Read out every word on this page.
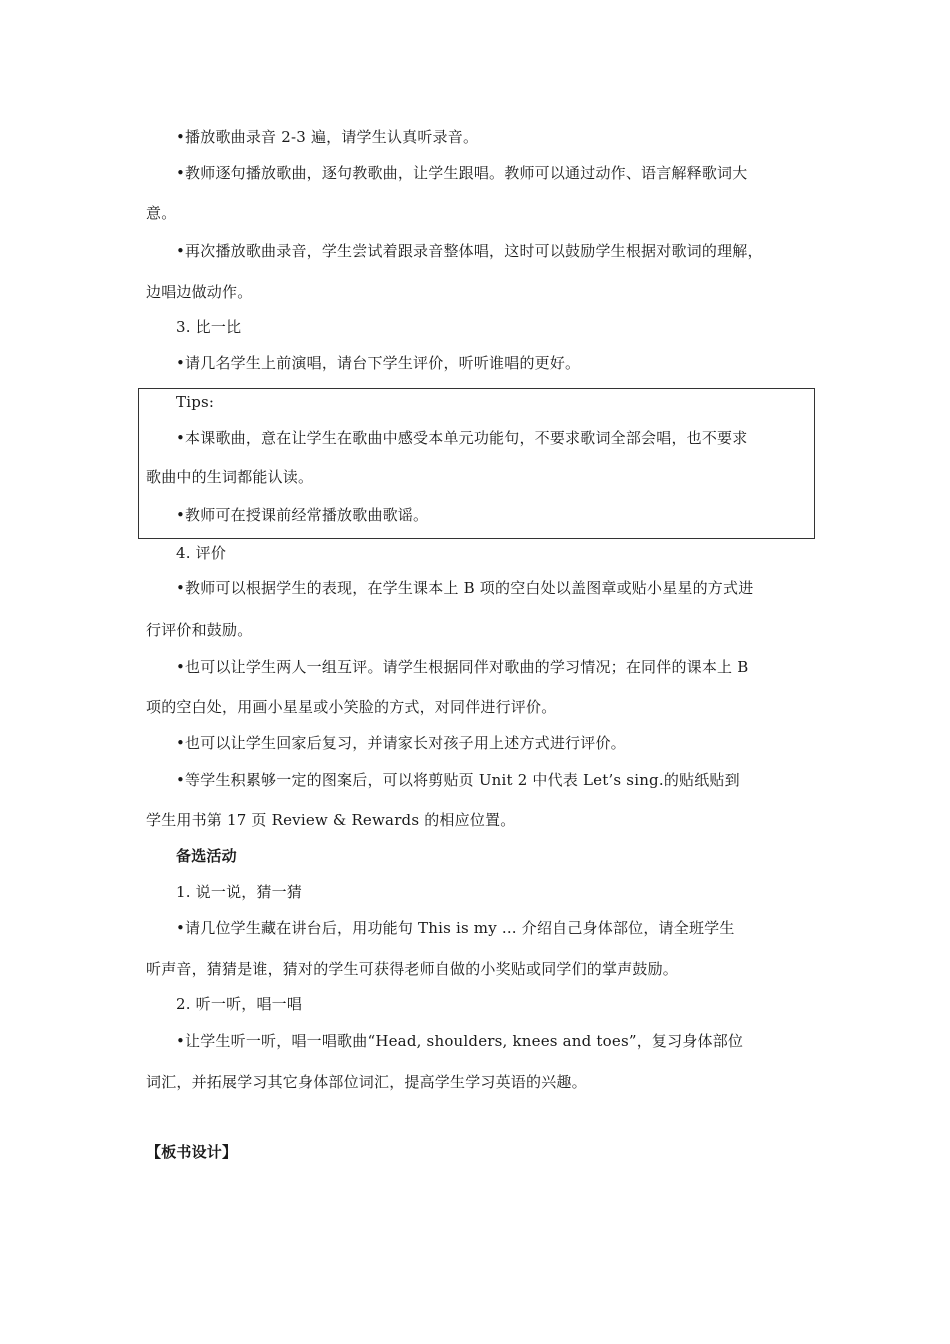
•播放歌曲录音 2-3 遍，请学生认真听录音。
•教师逐句播放歌曲，逐句教歌曲，让学生跟唱。教师可以通过动作、语言解释歌词大
意。
•再次播放歌曲录音，学生尝试着跟录音整体唱，这时可以鼓励学生根据对歌词的理解，
边唱边做动作。
3. 比一比
•请几名学生上前演唱，请台下学生评价，听听谁唱的更好。
Tips:
•本课歌曲，意在让学生在歌曲中感受本单元功能句，不要求歌词全部会唱，也不要求
歌曲中的生词都能认读。
•教师可在授课前经常播放歌曲歌谣。
4. 评价
•教师可以根据学生的表现，在学生课本上 B 项的空白处以盖图章或贴小星星的方式进
行评价和鼓励。
•也可以让学生两人一组互评。请学生根据同伴对歌曲的学习情况；在同伴的课本上 B
项的空白处，用画小星星或小笑脸的方式，对同伴进行评价。
•也可以让学生回家后复习，并请家长对孩子用上述方式进行评价。
•等学生积累够一定的图案后，可以将剪贴页 Unit 2 中代表 Let’s sing.的贴纸贴到
学生用书第 17 页 Review & Rewards 的相应位置。
备选活动
1. 说一说，猜一猜
•请几位学生藏在讲台后，用功能句 This is my ... 介绍自己身体部位，请全班学生
听声音，猜猜是谁，猜对的学生可获得老师自做的小奖贴或同学们的掌声鼓励。
2. 听一听，唱一唱
•让学生听一听，唱一唱歌曲“Head, shoulders, knees and toes”，复习身体部位
词汇，并拓展学习其它身体部位词汇，提高学生学习英语的兴趣。
【板书设计】
